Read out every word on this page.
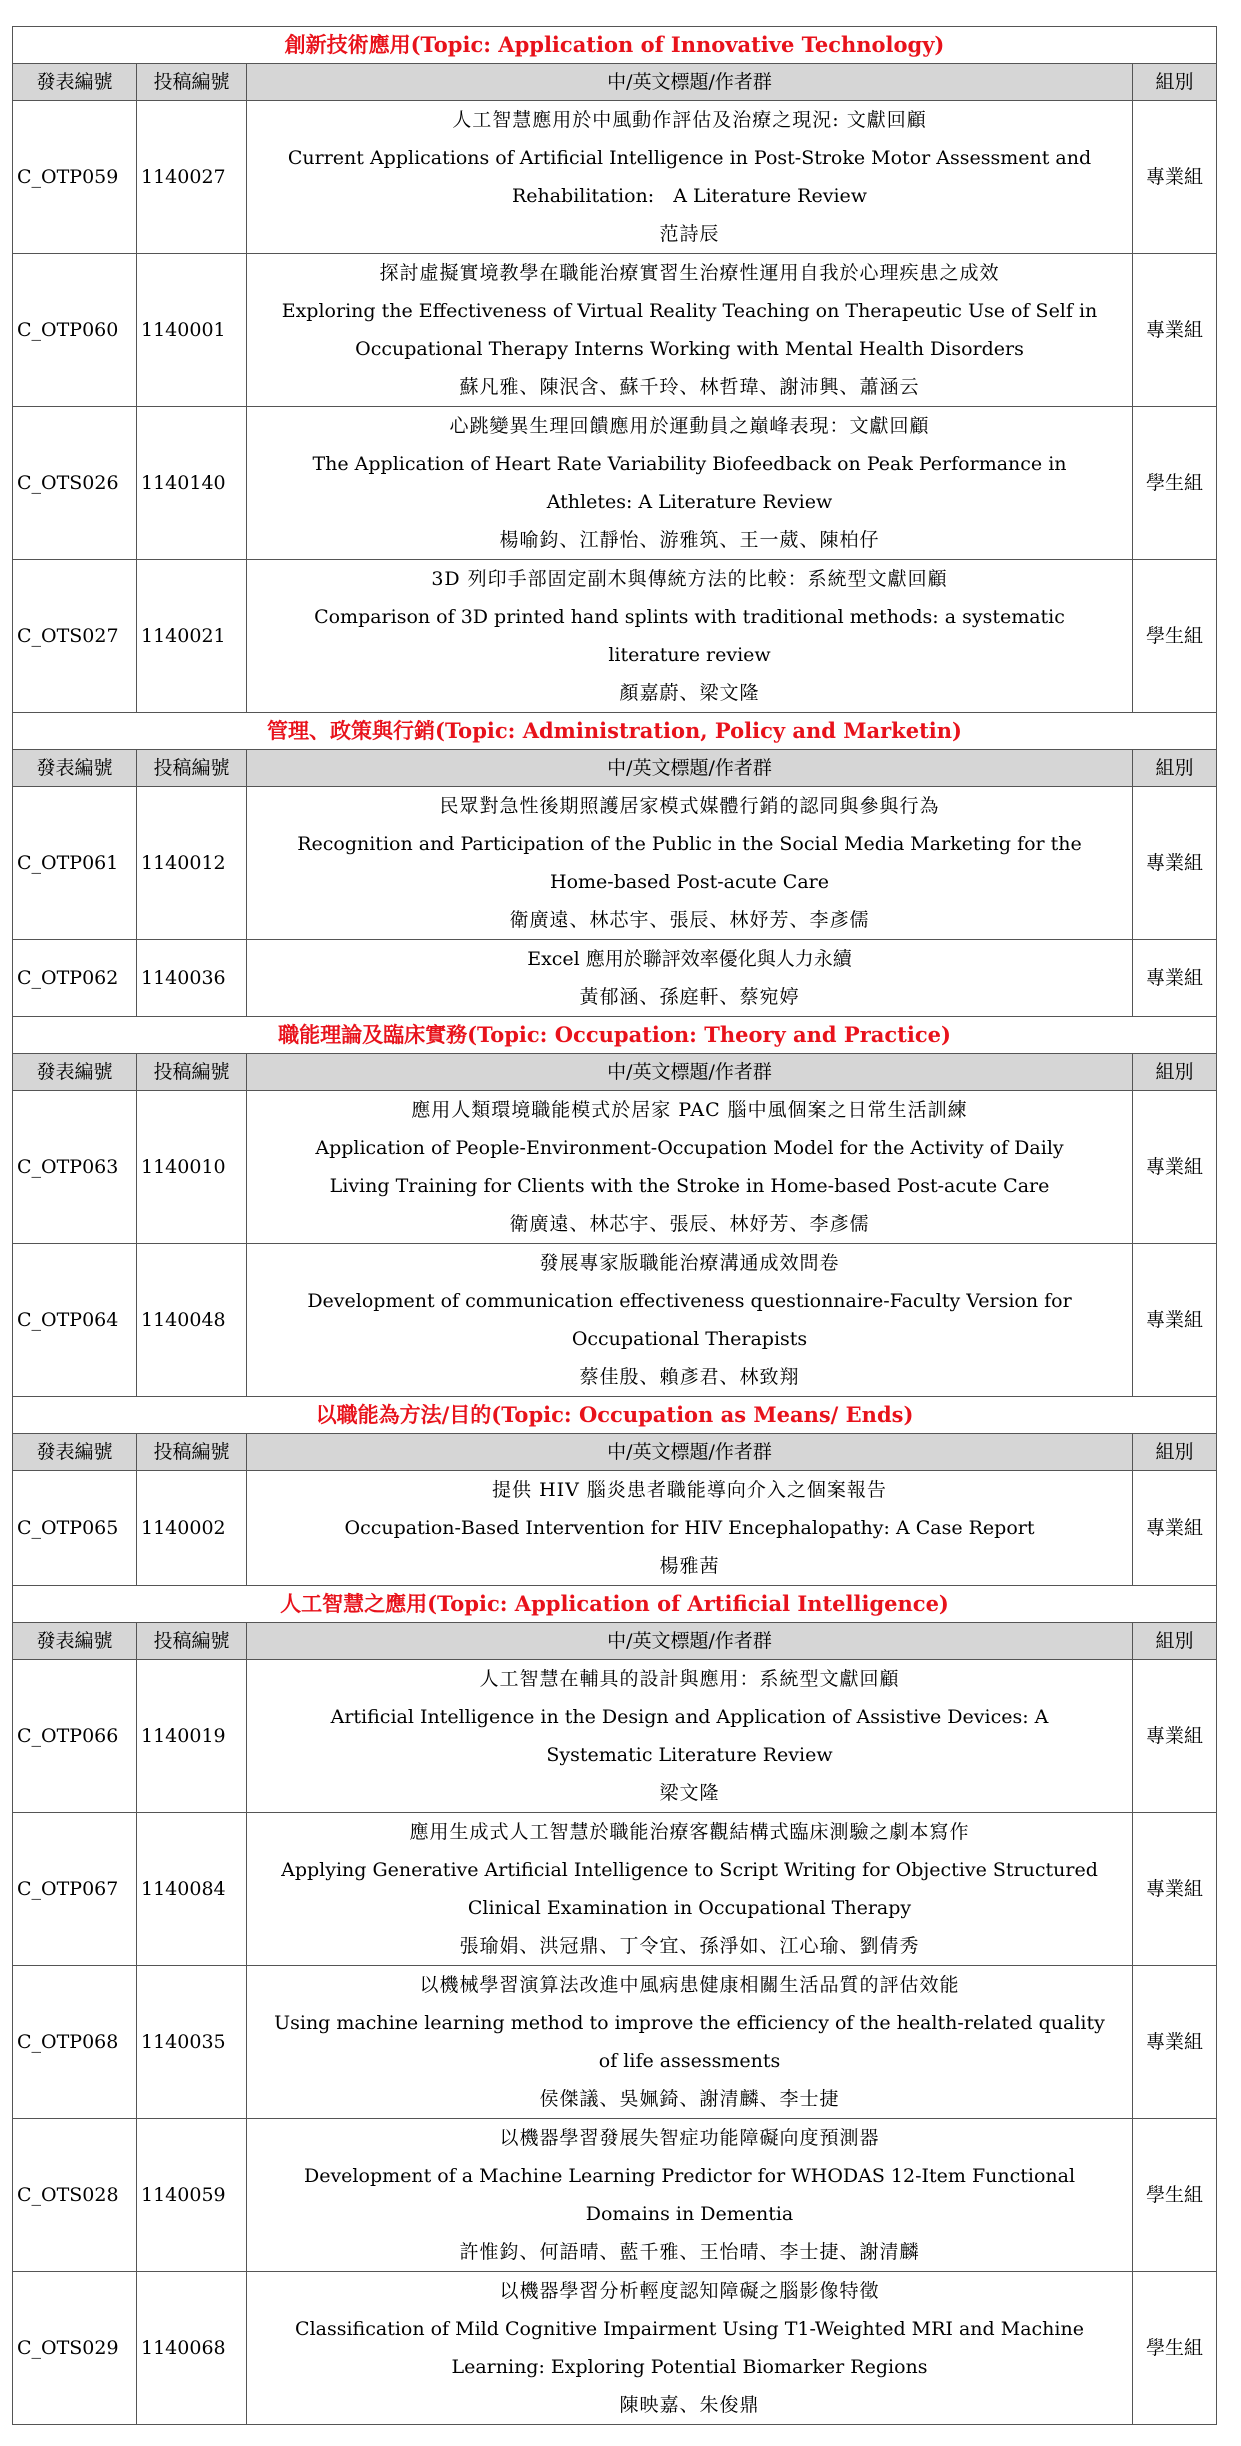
創新技術應用(Topic: Application of Innovative Technology)			
發表編號	投稿編號	中/英文標題/作者群	組別
C_OTP059	1140027	人工智慧應用於中風動作評估及治療之現況: 文獻回顧
Current Applications of Artificial Intelligence in Post-Stroke Motor Assessment and
Rehabilitation:　A Literature Review
范詩辰	專業組
C_OTP060	1140001	探討虛擬實境教學在職能治療實習生治療性運用自我於心理疾患之成效
Exploring the Effectiveness of Virtual Reality Teaching on Therapeutic Use of Self in
Occupational Therapy Interns Working with Mental Health Disorders
蘇凡雅、陳泯含、蘇千玲、林哲瑋、謝沛興、蕭涵云	專業組
C_OTS026	1140140	心跳變異生理回饋應用於運動員之巔峰表現：文獻回顧
The Application of Heart Rate Variability Biofeedback on Peak Performance in
Athletes: A Literature Review
楊喻鈞、江靜怡、游雅筑、王一葳、陳柏仔	學生組
C_OTS027	1140021	3D 列印手部固定副木與傳統方法的比較：系統型文獻回顧
Comparison of 3D printed hand splints with traditional methods: a systematic
literature review
顏嘉蔚、梁文隆	學生組
管理、政策與行銷(Topic: Administration, Policy and Marketin)			
發表編號	投稿編號	中/英文標題/作者群	組別
C_OTP061	1140012	民眾對急性後期照護居家模式媒體行銷的認同與參與行為
Recognition and Participation of the Public in the Social Media Marketing for the
Home-based Post-acute Care
衛廣遠、林芯宇、張辰、林妤芳、李彥儒	專業組
C_OTP062	1140036	Excel 應用於聯評效率優化與人力永續
黃郁涵、孫庭軒、蔡宛婷	專業組
職能理論及臨床實務(Topic: Occupation: Theory and Practice)			
發表編號	投稿編號	中/英文標題/作者群	組別
C_OTP063	1140010	應用人類環境職能模式於居家 PAC 腦中風個案之日常生活訓練
Application of People-Environment-Occupation Model for the Activity of Daily
Living Training for Clients with the Stroke in Home-based Post-acute Care
衛廣遠、林芯宇、張辰、林妤芳、李彥儒	專業組
C_OTP064	1140048	發展專家版職能治療溝通成效問卷
Development of communication effectiveness questionnaire-Faculty Version for
Occupational Therapists
蔡佳殷、賴彥君、林致翔	專業組
以職能為方法/目的(Topic: Occupation as Means/ Ends)			
發表編號	投稿編號	中/英文標題/作者群	組別
C_OTP065	1140002	提供 HIV 腦炎患者職能導向介入之個案報告
Occupation-Based Intervention for HIV Encephalopathy: A Case Report
楊雅茜	專業組
人工智慧之應用(Topic: Application of Artificial Intelligence)			
發表編號	投稿編號	中/英文標題/作者群	組別
C_OTP066	1140019	人工智慧在輔具的設計與應用：系統型文獻回顧
Artificial Intelligence in the Design and Application of Assistive Devices: A
Systematic Literature Review
梁文隆	專業組
C_OTP067	1140084	應用生成式人工智慧於職能治療客觀結構式臨床測驗之劇本寫作
Applying Generative Artificial Intelligence to Script Writing for Objective Structured
Clinical Examination in Occupational Therapy
張瑜娟、洪冠鼎、丁令宜、孫淨如、江心瑜、劉倩秀	專業組
C_OTP068	1140035	以機械學習演算法改進中風病患健康相關生活品質的評估效能
Using machine learning method to improve the efficiency of the health-related quality
of life assessments
侯傑議、吳姵錡、謝清麟、李士捷	專業組
C_OTS028	1140059	以機器學習發展失智症功能障礙向度預測器
Development of a Machine Learning Predictor for WHODAS 12-Item Functional
Domains in Dementia
許惟鈞、何語晴、藍千雅、王怡晴、李士捷、謝清麟	學生組
C_OTS029	1140068	以機器學習分析輕度認知障礙之腦影像特徵
Classification of Mild Cognitive Impairment Using T1-Weighted MRI and Machine
Learning: Exploring Potential Biomarker Regions
陳映嘉、朱俊鼎	學生組
